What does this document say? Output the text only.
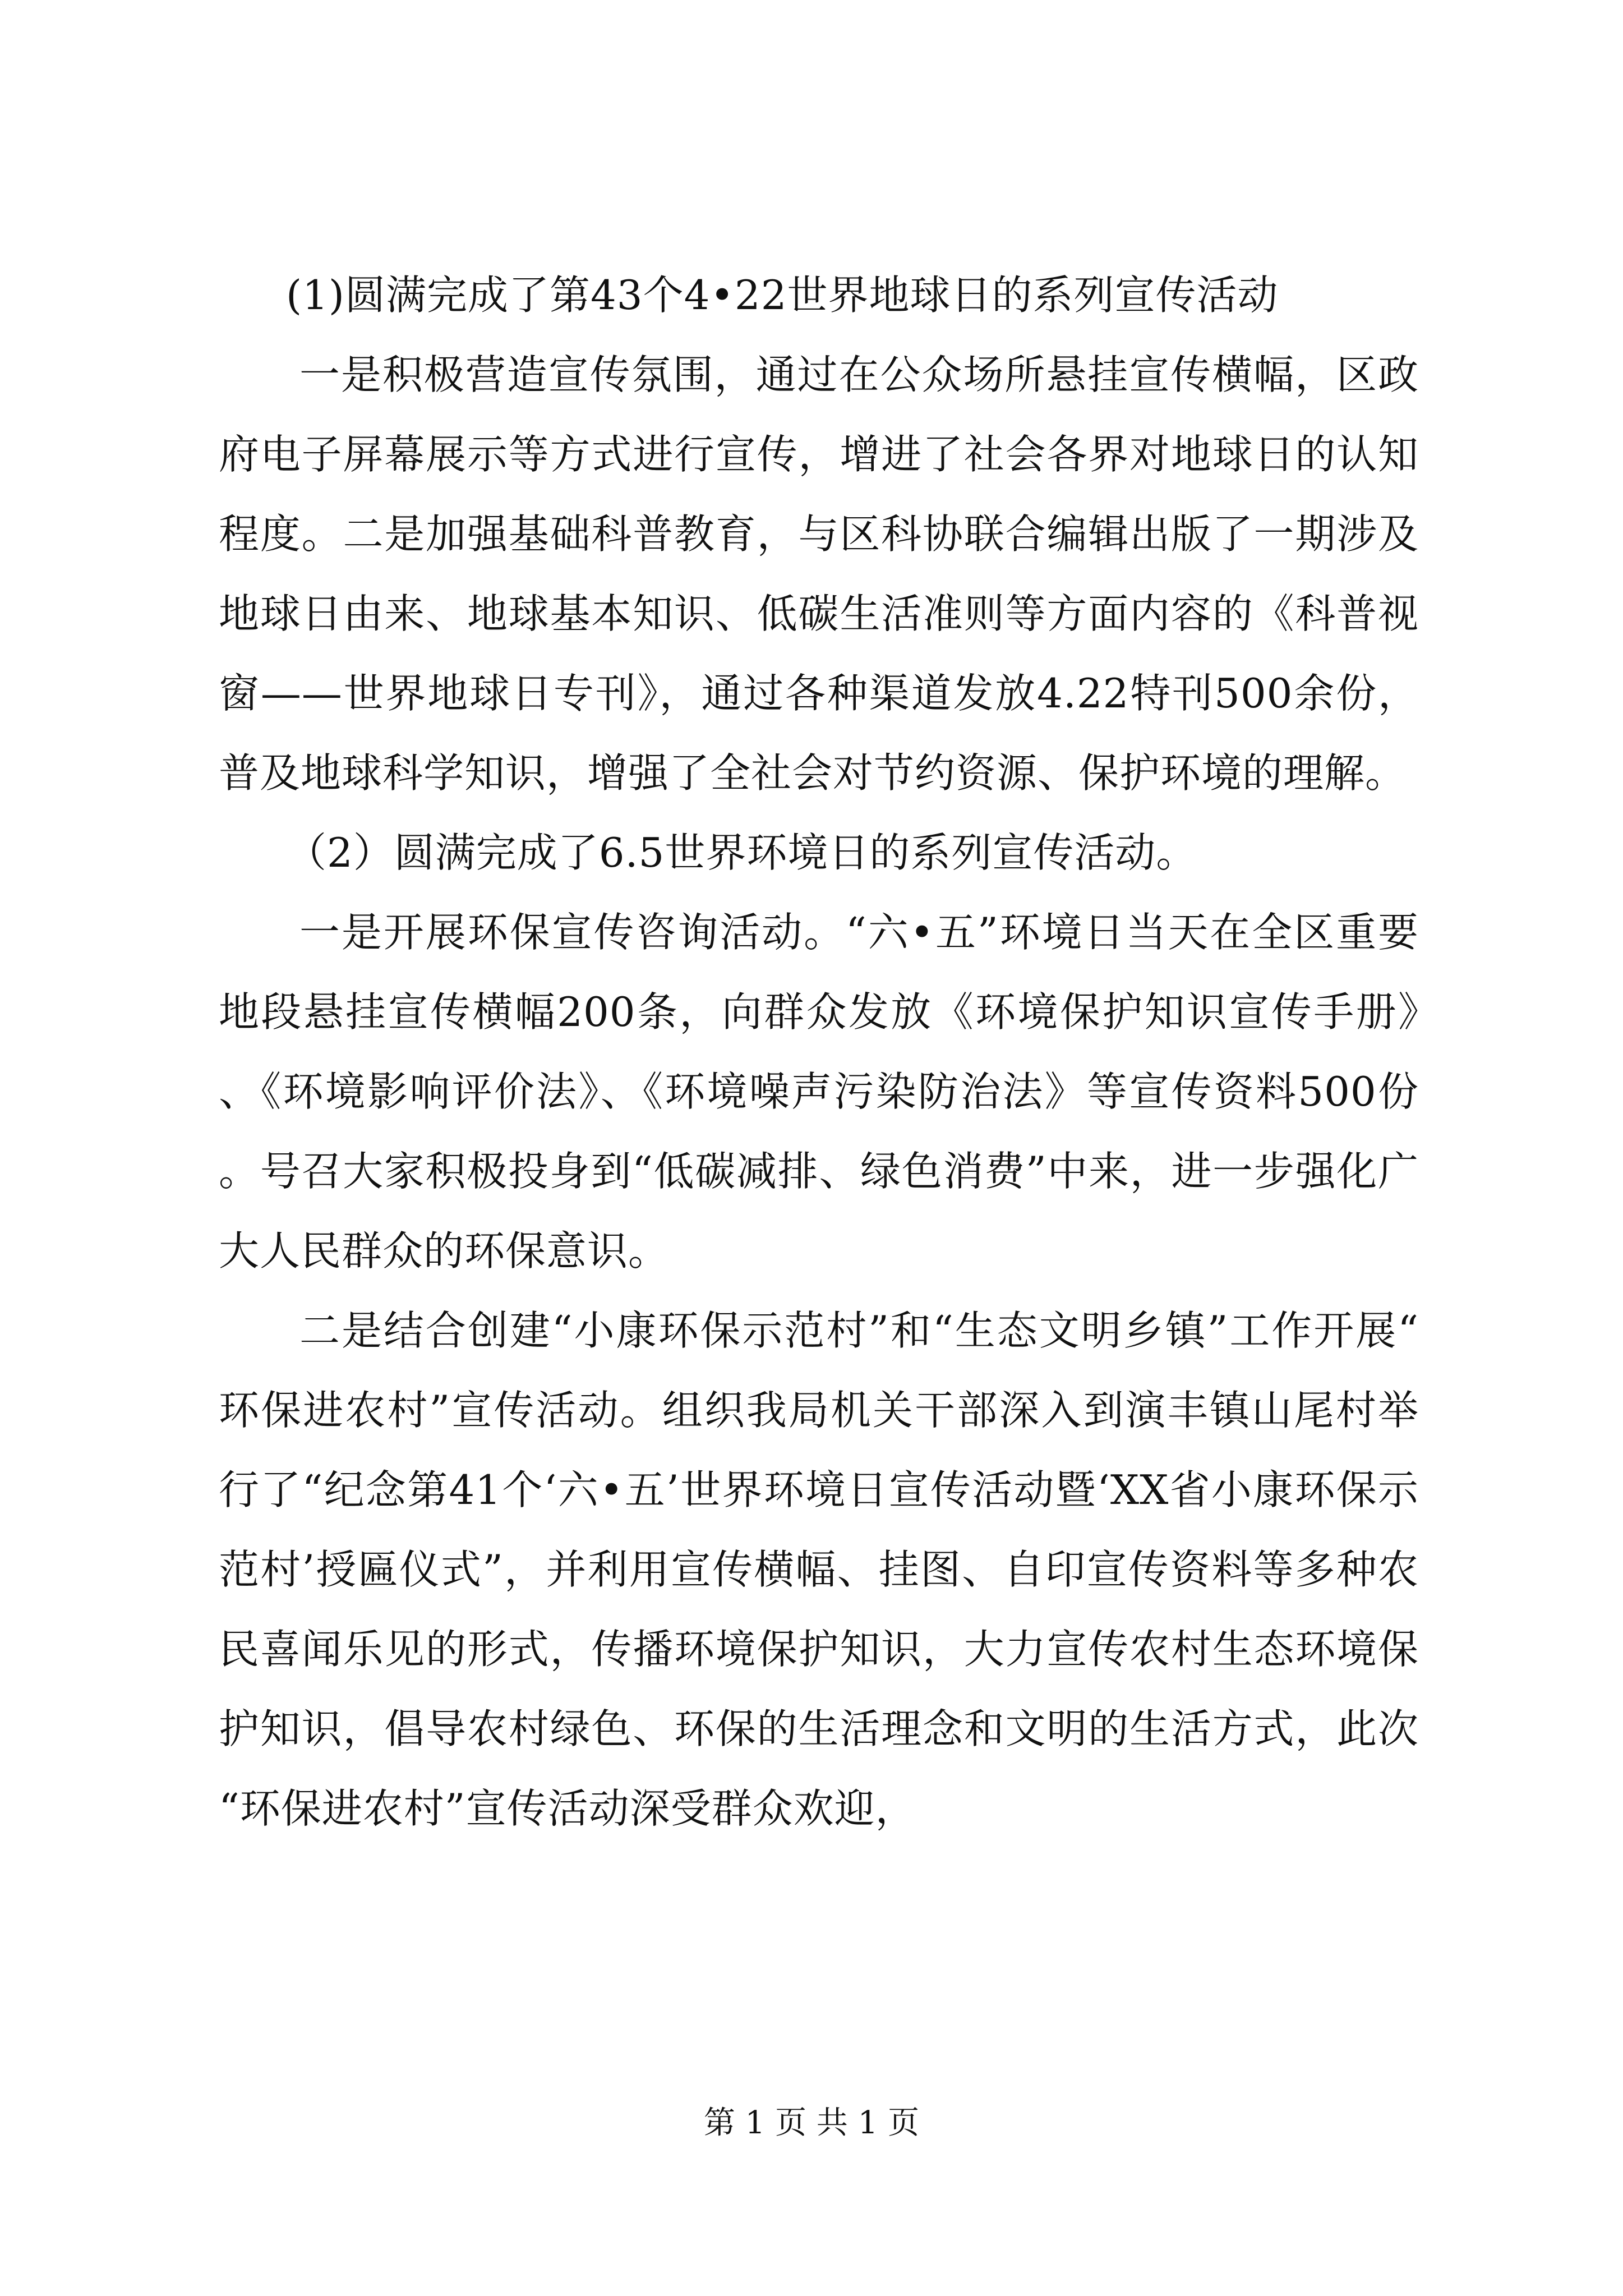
(1)圆满完成了第43个4•22世界地球日的系列宣传活动

一是积极营造宣传氛围，通过在公众场所悬挂宣传横幅，区政府电子屏幕展示等方式进行宣传，增进了社会各界对地球日的认知程度。二是加强基础科普教育，与区科协联合编辑出版了一期涉及地球日由来、地球基本知识、低碳生活准则等方面内容的《科普视窗——世界地球日专刊》，通过各种渠道发放4.22特刊500余份，普及地球科学知识，增强了全社会对节约资源、保护环境的理解。

（2）圆满完成了6.5世界环境日的系列宣传活动。

一是开展环保宣传咨询活动。“六•五”环境日当天在全区重要地段悬挂宣传横幅200条，向群众发放《环境保护知识宣传手册》、《环境影响评价法》、《环境噪声污染防治法》等宣传资料500份。号召大家积极投身到“低碳减排、绿色消费”中来，进一步强化广大人民群众的环保意识。

二是结合创建“小康环保示范村”和“生态文明乡镇”工作开展“环保进农村”宣传活动。组织我局机关干部深入到演丰镇山尾村举行了“纪念第41个‘六•五’世界环境日宣传活动暨‘XX省小康环保示范村’授匾仪式”，并利用宣传横幅、挂图、自印宣传资料等多种农民喜闻乐见的形式，传播环境保护知识，大力宣传农村生态环境保护知识，倡导农村绿色、环保的生活理念和文明的生活方式，此次“环保进农村”宣传活动深受群众欢迎，

第 1 页 共 1 页
